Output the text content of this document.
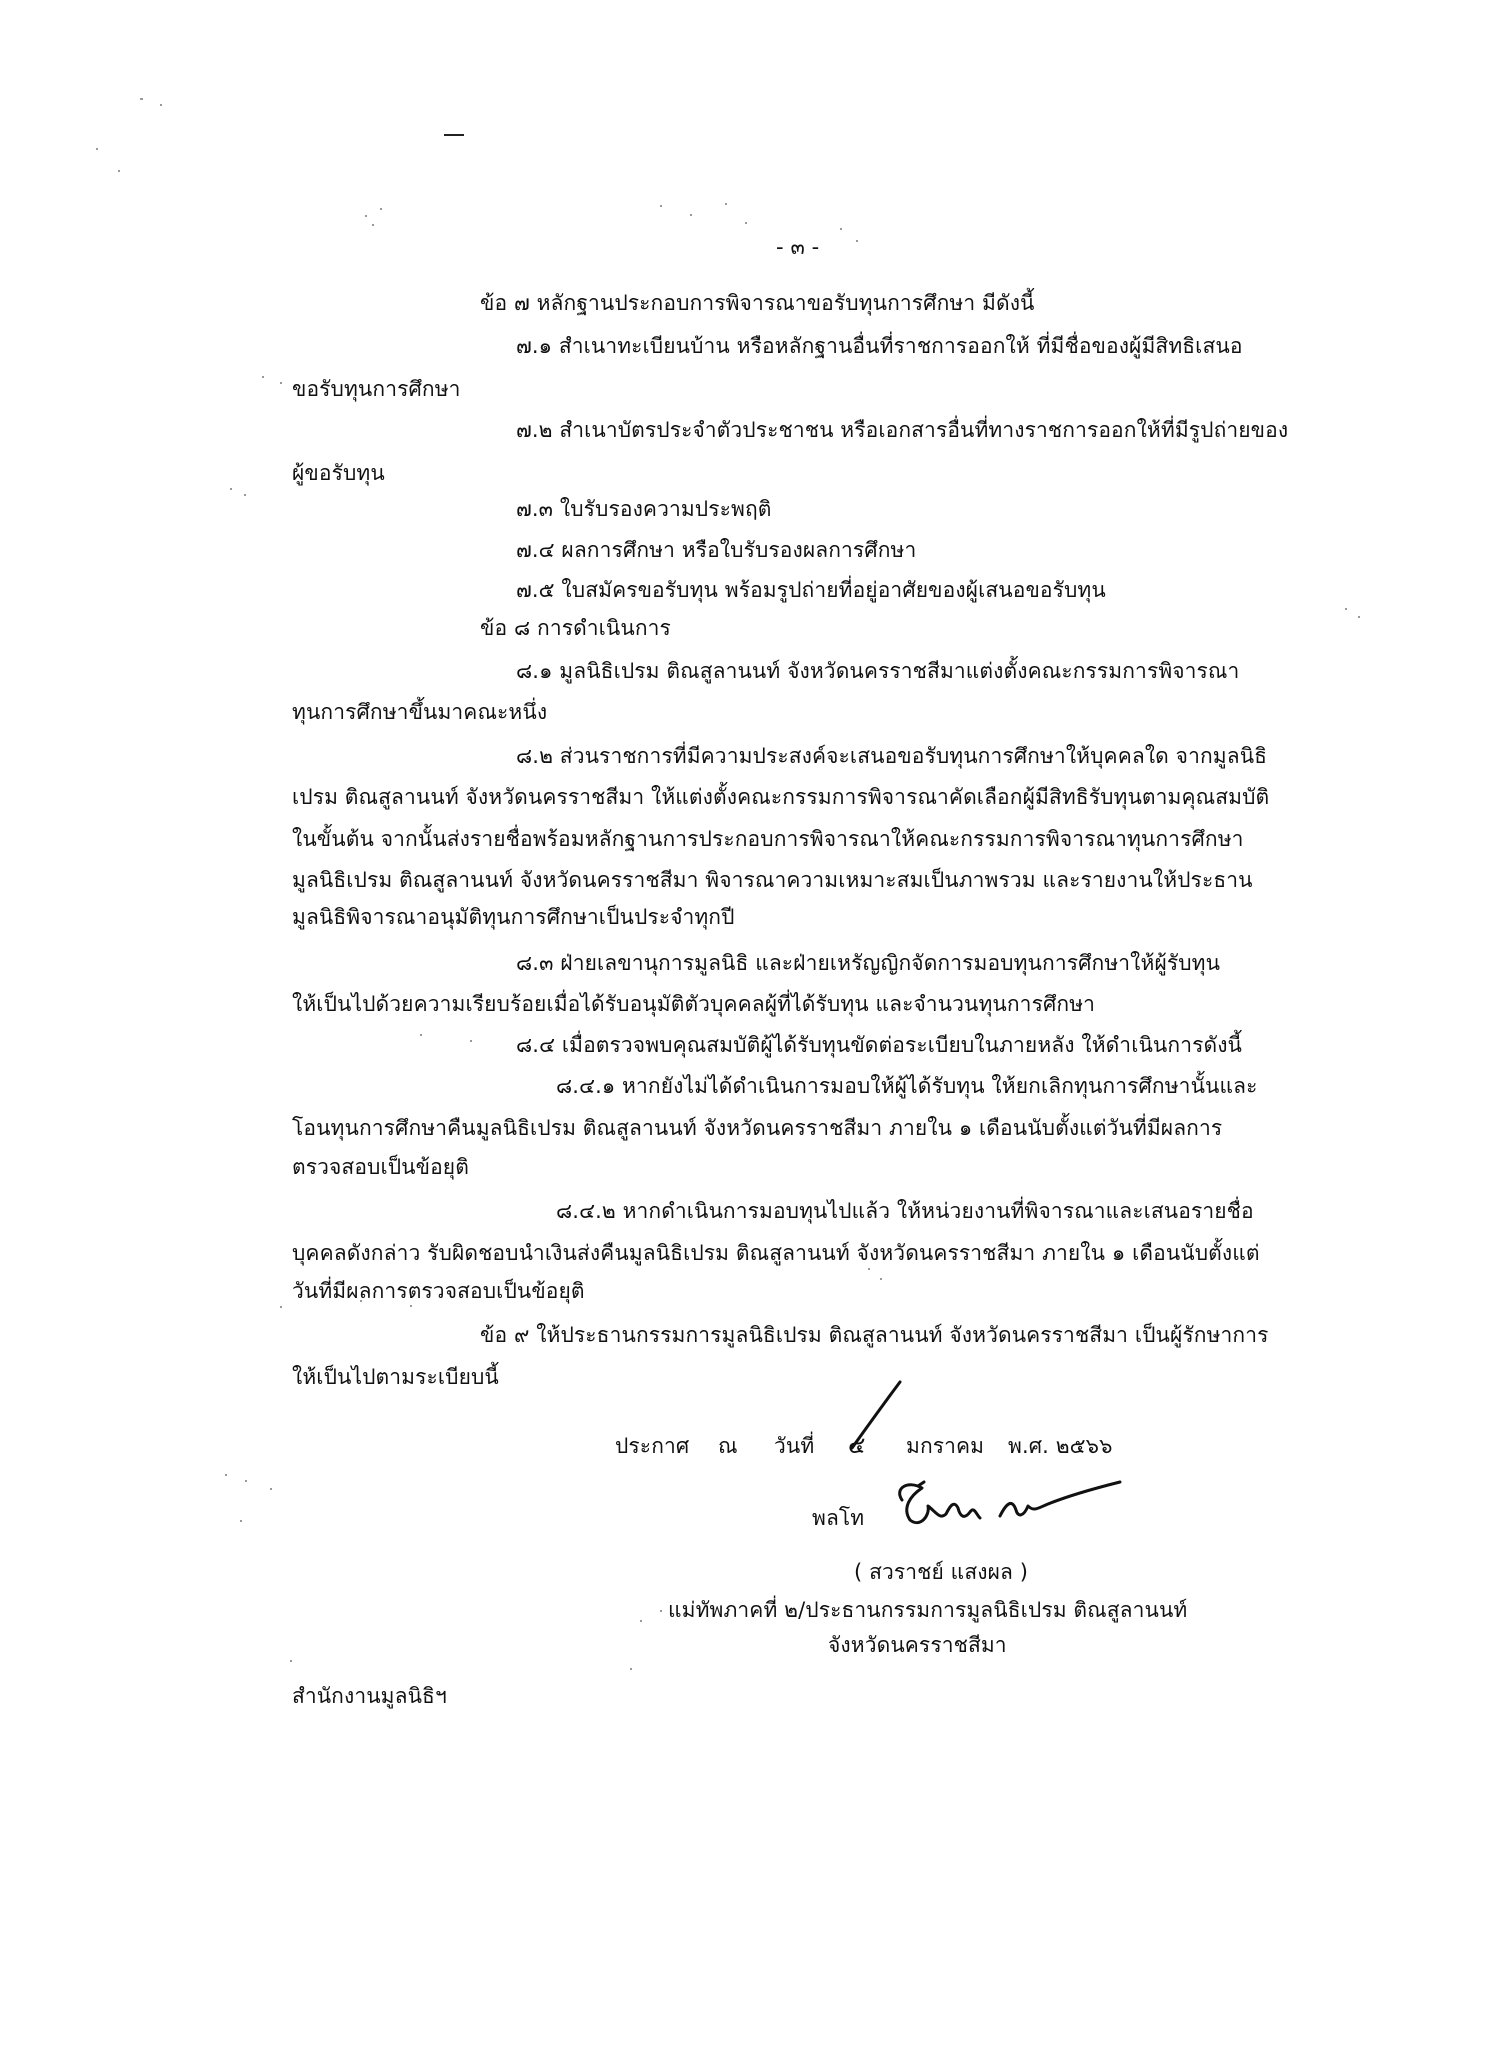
- ๓ -
ข้อ ๗ หลักฐานประกอบการพิจารณาขอรับทุนการศึกษา มีดังนี้
๗.๑ สำเนาทะเบียนบ้าน หรือหลักฐานอื่นที่ราชการออกให้ ที่มีชื่อของผู้มีสิทธิเสนอ
ขอรับทุนการศึกษา
๗.๒ สำเนาบัตรประจำตัวประชาชน หรือเอกสารอื่นที่ทางราชการออกให้ที่มีรูปถ่ายของ
ผู้ขอรับทุน
๗.๓ ใบรับรองความประพฤติ
๗.๔ ผลการศึกษา หรือใบรับรองผลการศึกษา
๗.๕ ใบสมัครขอรับทุน พร้อมรูปถ่ายที่อยู่อาศัยของผู้เสนอขอรับทุน
ข้อ ๘ การดำเนินการ
๘.๑ มูลนิธิเปรม ติณสูลานนท์ จังหวัดนครราชสีมาแต่งตั้งคณะกรรมการพิจารณา
ทุนการศึกษาขึ้นมาคณะหนึ่ง
๘.๒ ส่วนราชการที่มีความประสงค์จะเสนอขอรับทุนการศึกษาให้บุคคลใด จากมูลนิธิ
เปรม ติณสูลานนท์ จังหวัดนครราชสีมา ให้แต่งตั้งคณะกรรมการพิจารณาคัดเลือกผู้มีสิทธิรับทุนตามคุณสมบัติ
ในขั้นต้น จากนั้นส่งรายชื่อพร้อมหลักฐานการประกอบการพิจารณาให้คณะกรรมการพิจารณาทุนการศึกษา
มูลนิธิเปรม ติณสูลานนท์ จังหวัดนครราชสีมา พิจารณาความเหมาะสมเป็นภาพรวม และรายงานให้ประธาน
มูลนิธิพิจารณาอนุมัติทุนการศึกษาเป็นประจำทุกปี
๘.๓ ฝ่ายเลขานุการมูลนิธิ และฝ่ายเหรัญญิกจัดการมอบทุนการศึกษาให้ผู้รับทุน
ให้เป็นไปด้วยความเรียบร้อยเมื่อได้รับอนุมัติตัวบุคคลผู้ที่ได้รับทุน และจำนวนทุนการศึกษา
๘.๔ เมื่อตรวจพบคุณสมบัติผู้ได้รับทุนขัดต่อระเบียบในภายหลัง ให้ดำเนินการดังนี้
๘.๔.๑ หากยังไม่ได้ดำเนินการมอบให้ผู้ได้รับทุน ให้ยกเลิกทุนการศึกษานั้นและ
โอนทุนการศึกษาคืนมูลนิธิเปรม ติณสูลานนท์ จังหวัดนครราชสีมา ภายใน ๑ เดือนนับตั้งแต่วันที่มีผลการ
ตรวจสอบเป็นข้อยุติ
๘.๔.๒ หากดำเนินการมอบทุนไปแล้ว ให้หน่วยงานที่พิจารณาและเสนอรายชื่อ
บุคคลดังกล่าว รับผิดชอบนำเงินส่งคืนมูลนิธิเปรม ติณสูลานนท์ จังหวัดนครราชสีมา ภายใน ๑ เดือนนับตั้งแต่
วันที่มีผลการตรวจสอบเป็นข้อยุติ
ข้อ ๙ ให้ประธานกรรมการมูลนิธิเปรม ติณสูลานนท์ จังหวัดนครราชสีมา เป็นผู้รักษาการ
ให้เป็นไปตามระเบียบนี้
ประกาศ ณ วันที่ ๔ มกราคม พ.ศ. ๒๕๖๖
พลโท
( สวราชย์ แสงผล )
แม่ทัพภาคที่ ๒/ประธานกรรมการมูลนิธิเปรม ติณสูลานนท์
จังหวัดนครราชสีมา
สำนักงานมูลนิธิฯ
